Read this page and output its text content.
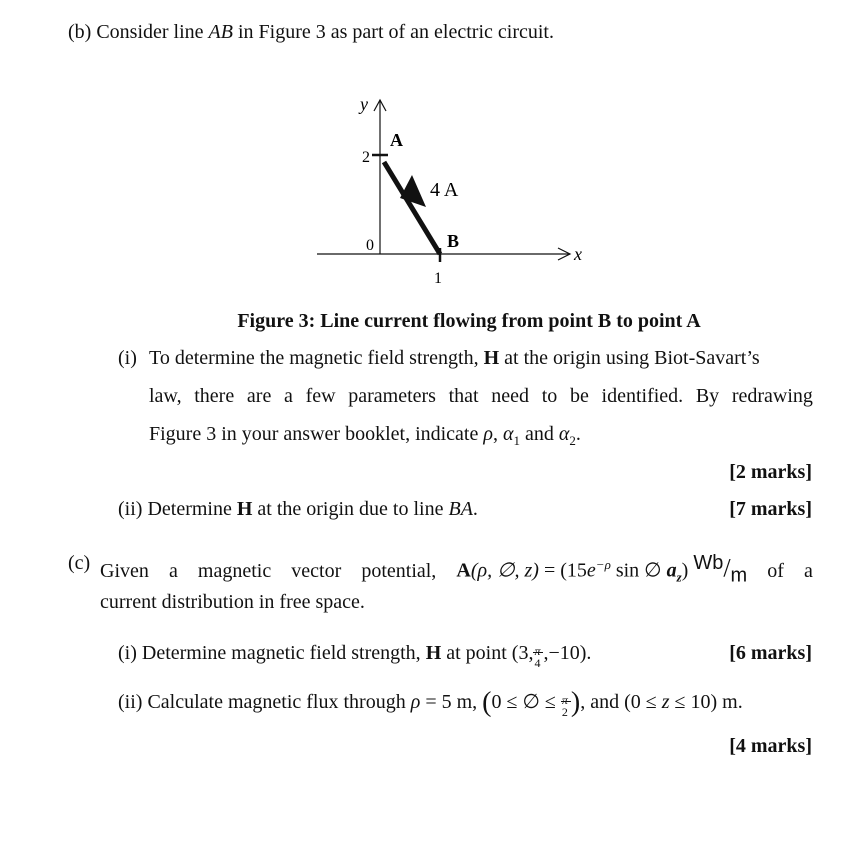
(b) Consider line AB in Figure 3 as part of an electric circuit.
y
x
2
0
1
A
B
4 A
Figure 3: Line current flowing from point B to point A
(i) To determine the magnetic field strength, H at the origin using Biot-Savart’s
law, there are a few parameters that need to be identified. By redrawing
Figure 3 in your answer booklet, indicate ρ, $\alpha_1$ and $\alpha_2$.
[2 marks]
(ii) Determine H at the origin due to line BA.	[7 marks]
(c) Given a magnetic vector potential, A(ρ, ∅, $z) = (15e^{-\rho}$ sin ∅ $a_z$) $^{Wb}/_m$ of a
current distribution in free space.
(i) Determine magnetic field strength, H at point (3, π
4 ,−10).	[6 marks]
(ii) Calculate magnetic flux through ρ = 5 m, (0 ≤ ∅ ≤ π
2 ), and (0 ≤ z ≤ 10) m.
[4 marks]
